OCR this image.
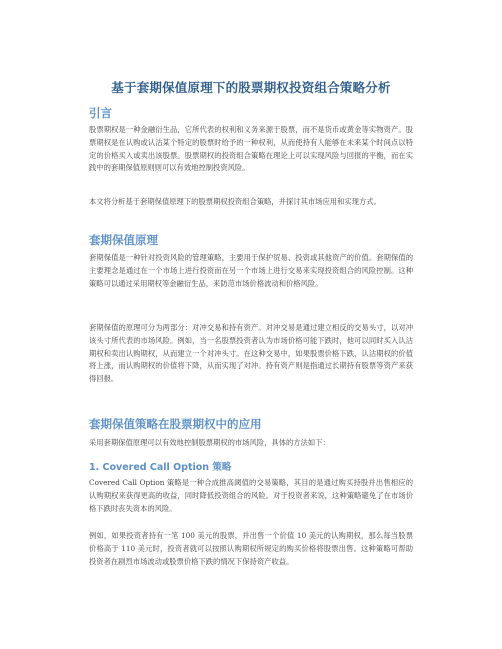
基于套期保值原理下的股票期权投资组合策略分析
引言
股票期权是一种金融衍生品，它所代表的权利和义务来源于股票，而不是货币或黄金等实物资产。股票期权是在认购或认沽某个特定的股票时给予的一种权利，从而使持有人能够在未来某个时间点以特定的价格买入或卖出该股票。股票期权的投资组合策略在理论上可以实现风险与回报的平衡，而在实践中的套期保值原则则可以有效地控制投资风险。
本文将分析基于套期保值原理下的股票期权投资组合策略，并探讨其市场应用和实现方式。
套期保值原理
套期保值是一种针对投资风险的管理策略，主要用于保护贸易、投资或其他资产的价值。套期保值的主要理念是通过在一个市场上进行投资而在另一个市场上进行交易来实现投资组合的风险控制。这种策略可以通过采用期权等金融衍生品，来防范市场价格波动和价格风险。
套期保值的原理可分为两部分：对冲交易和持有资产。对冲交易是通过建立相反的交易头寸，以对冲该头寸所代表的市场风险。例如，当一名股票投资者认为市场价格可能下跌时，他可以同时买入认沽期权和卖出认购期权，从而建立一个对冲头寸。在这种交易中，如果股票价格下跌，认沽期权的价值将上涨，而认购期权的价值将下降，从而实现了对冲。持有资产则是指通过长期持有股票等资产来获得回报。
套期保值策略在股票期权中的应用
采用套期保值原理可以有效地控制股票期权的市场风险，具体的方法如下：
1. Covered Call Option 策略
Covered Call Option 策略是一种合成推高阈值的交易策略，其目的是通过购买持股并出售相应的认购期权来获得更高的收益，同时降低投资组合的风险。对于投资者来说，这种策略避免了在市场价格下跌时丧失资本的风险。
例如，如果投资者持有一笔 100 美元的股票，并出售一个价值 10 美元的认购期权，那么每当股票价格高于 110 美元时，投资者就可以按照认购期权所规定的购买价格将股票出售。这种策略可帮助投资者在剧烈市场波动或股票价格下跌的情况下保持资产收益。
